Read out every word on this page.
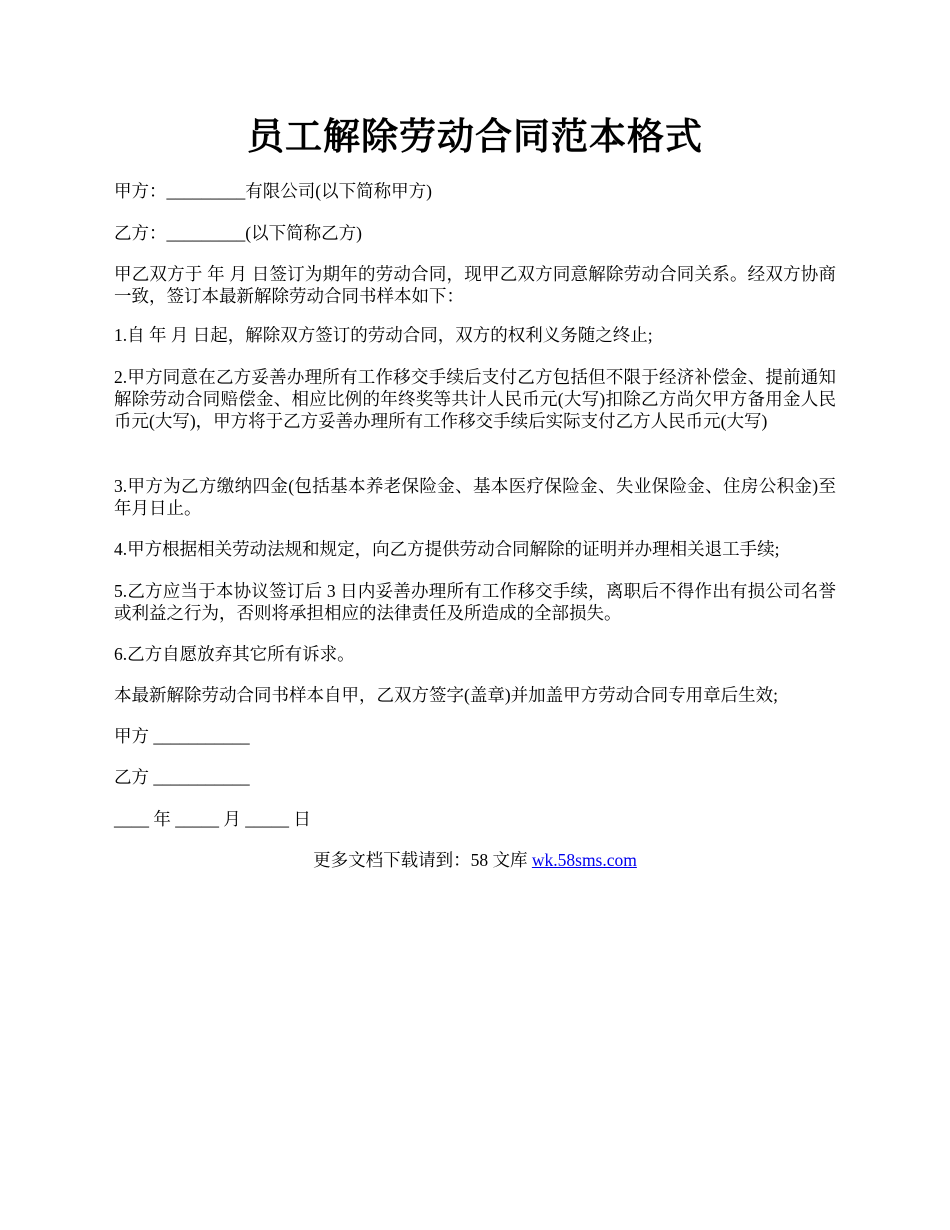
员工解除劳动合同范本格式
甲方：_________有限公司(以下简称甲方)
乙方：_________(以下简称乙方)
甲乙双方于 年 月 日签订为期年的劳动合同，现甲乙双方同意解除劳动合同关系。经双方协商一致，签订本最新解除劳动合同书样本如下：
1.自 年 月 日起，解除双方签订的劳动合同，双方的权利义务随之终止;
2.甲方同意在乙方妥善办理所有工作移交手续后支付乙方包括但不限于经济补偿金、提前通知解除劳动合同赔偿金、相应比例的年终奖等共计人民币元(大写)扣除乙方尚欠甲方备用金人民币元(大写)，甲方将于乙方妥善办理所有工作移交手续后实际支付乙方人民币元(大写)
3.甲方为乙方缴纳四金(包括基本养老保险金、基本医疗保险金、失业保险金、住房公积金)至年月日止。
4.甲方根据相关劳动法规和规定，向乙方提供劳动合同解除的证明并办理相关退工手续;
5.乙方应当于本协议签订后 3 日内妥善办理所有工作移交手续，离职后不得作出有损公司名誉或利益之行为，否则将承担相应的法律责任及所造成的全部损失。
6.乙方自愿放弃其它所有诉求。
本最新解除劳动合同书样本自甲，乙双方签字(盖章)并加盖甲方劳动合同专用章后生效;
甲方 ___________
乙方 ___________
____ 年 _____ 月 _____ 日
更多文档下载请到：58 文库 wk.58sms.com
